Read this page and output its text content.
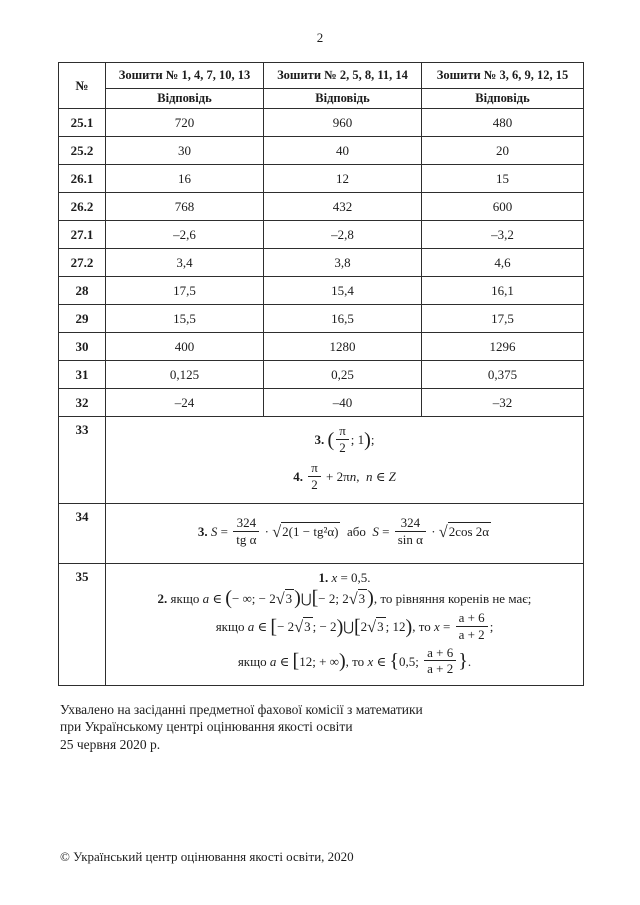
2
№	Зошити № 1, 4, 7, 10, 13	Зошити № 2, 5, 8, 11, 14	Зошити № 3, 6, 9, 12, 15
	Відповідь	Відповідь	Відповідь
25.1	720	960	480
25.2	30	40	20
26.1	16	12	15
26.2	768	432	600
27.1	–2,6	–2,8	–3,2
27.2	3,4	3,8	4,6
28	17,5	15,4	16,1
29	15,5	16,5	17,5
30	400	1280	1296
31	0,125	0,25	0,375
32	–24	–40	–32
33	
3. ( $\frac{\pi}{2}$ ; 1);
4. $\frac{\pi}{2} + 2\pi n$,  n ∈ Z

34	3. $S = \frac{324}{\text{tg α}} \cdot √2(1 - tg^2\alpha)$  або  $S = \frac{324}{\text{sin α}} \cdot √2\cos$ 2α
35	1. x = 0,5.
2. якщо a ∈ (− ∞; − 2√3)⋃[− 2; 2√3), то рівняння коренів не має;
якщо a ∈ [− 2√3 ; − 2)⋃[2√3 ; 12), то $x = \frac{a + 6}{a + 2}$ ;
якщо a ∈ [12; + ∞), то x ∈ {0,5; $\frac{a + 6}{a + 2}$ }.
Ухвалено на засіданні предметної фахової комісії з математики
при Українському центрі оцінювання якості освіти
25 червня 2020 р.
© Український центр оцінювання якості освіти, 2020
